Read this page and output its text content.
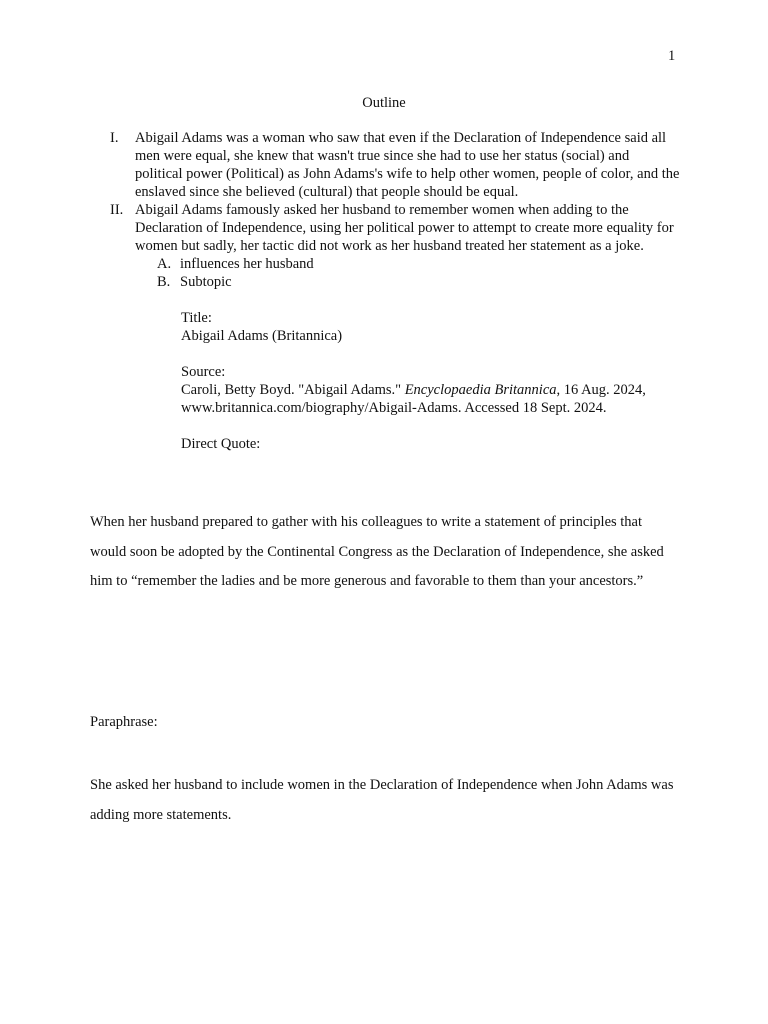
1
Outline
I.	Abigail Adams was a woman who saw that even if the Declaration of Independence said all men were equal, she knew that wasn't true since she had to use her status (social) and political power (Political) as John Adams's wife to help other women, people of color, and the enslaved since she believed (cultural) that people should be equal.
II. Abigail Adams famously asked her husband to remember women when adding to the Declaration of Independence, using her political power to attempt to create more equality for women but sadly, her tactic did not work as her husband treated her statement as a joke.
A. influences her husband
B. Subtopic

Title:
Abigail Adams (Britannica)

Source:
Caroli, Betty Boyd. "Abigail Adams." Encyclopaedia Britannica, 16 Aug. 2024, www.britannica.com/biography/Abigail-Adams. Accessed 18 Sept. 2024.

Direct Quote:

When her husband prepared to gather with his colleagues to write a statement of principles that would soon be adopted by the Continental Congress as the Declaration of Independence, she asked him to “remember the ladies and be more generous and favorable to them than your ancestors.”

Paraphrase:

She asked her husband to include women in the Declaration of Independence when John Adams was adding more statements.
